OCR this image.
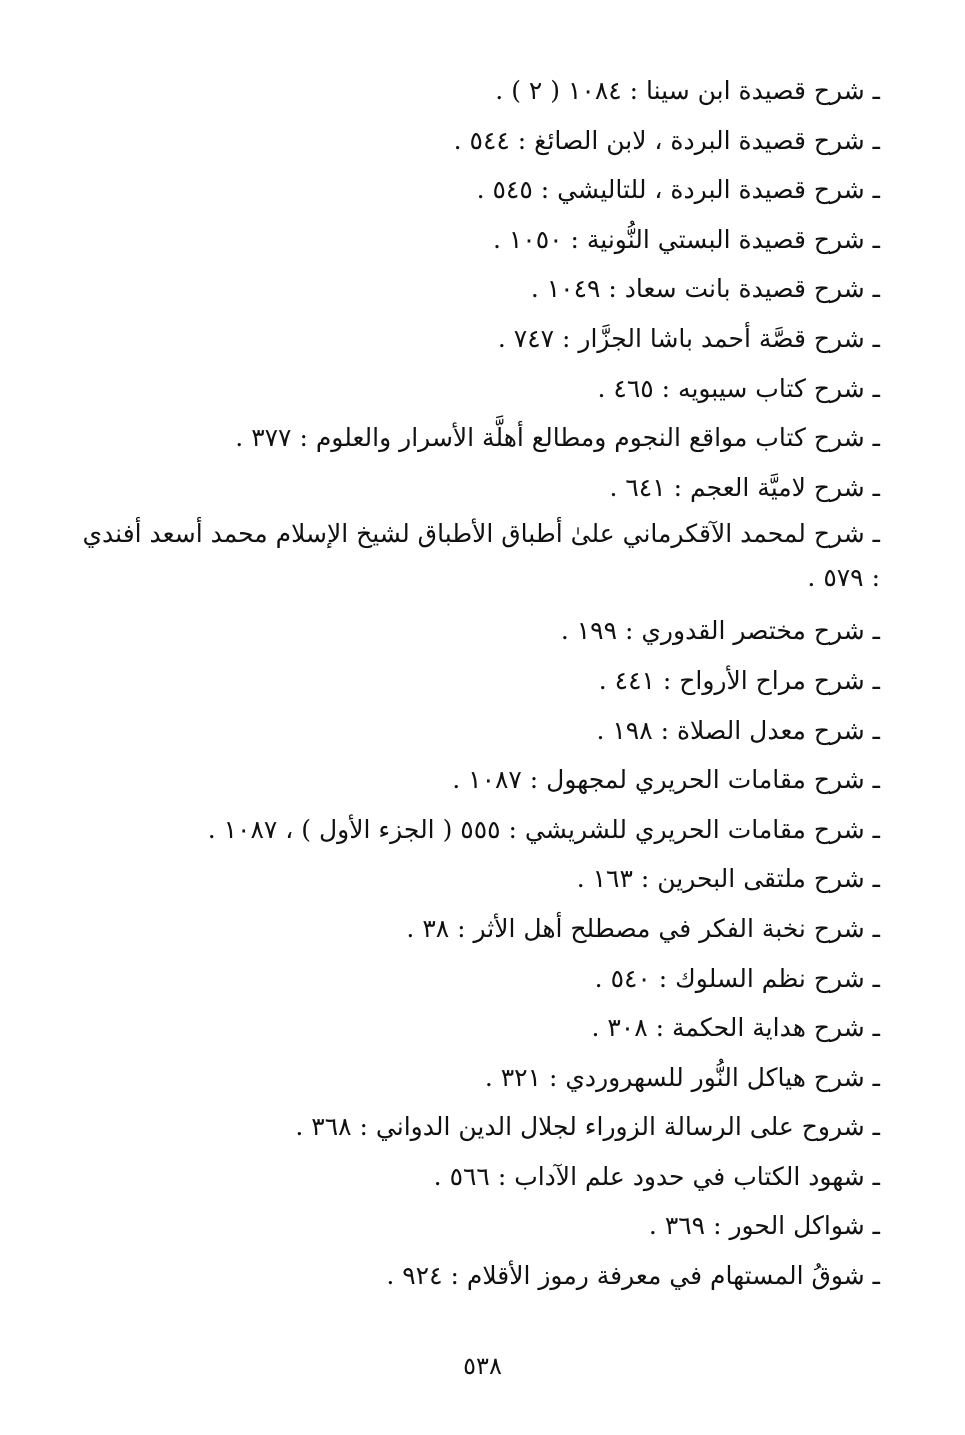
ـ شرح قصيدة ابن سينا : ١٠٨٤ ( ٢ ) .
ـ شرح قصيدة البردة ، لابن الصائغ : ٥٤٤ .
ـ شرح قصيدة البردة ، للتاليشي : ٥٤٥ .
ـ شرح قصيدة البستي النُّونية : ١٠٥٠ .
ـ شرح قصيدة بانت سعاد : ١٠٤٩ .
ـ شرح قصَّة أحمد باشا الجزَّار : ٧٤٧ .
ـ شرح كتاب سيبويه : ٤٦٥ .
ـ شرح كتاب مواقع النجوم ومطالع أهلَّة الأسرار والعلوم : ٣٧٧ .
ـ شرح لاميَّة العجم : ٦٤١ .
ـ شرح لمحمد الآقكرماني علىٰ أطباق الأطباق لشيخ الإسلام محمد أسعد أفندي : ٥٧٩ .
ـ شرح مختصر القدوري : ١٩٩ .
ـ شرح مراح الأرواح : ٤٤١ .
ـ شرح معدل الصلاة : ١٩٨ .
ـ شرح مقامات الحريري لمجهول : ١٠٨٧ .
ـ شرح مقامات الحريري للشريشي : ٥٥٥ ( الجزء الأول ) ، ١٠٨٧ .
ـ شرح ملتقى البحرين : ١٦٣ .
ـ شرح نخبة الفكر في مصطلح أهل الأثر : ٣٨ .
ـ شرح نظم السلوك : ٥٤٠ .
ـ شرح هداية الحكمة : ٣٠٨ .
ـ شرح هياكل النُّور للسهروردي : ٣٢١ .
ـ شروح على الرسالة الزوراء لجلال الدين الدواني : ٣٦٨ .
ـ شهود الكتاب في حدود علم الآداب : ٥٦٦ .
ـ شواكل الحور : ٣٦٩ .
ـ شوقُ المستهام في معرفة رموز الأقلام : ٩٢٤ .
٥٣٨
